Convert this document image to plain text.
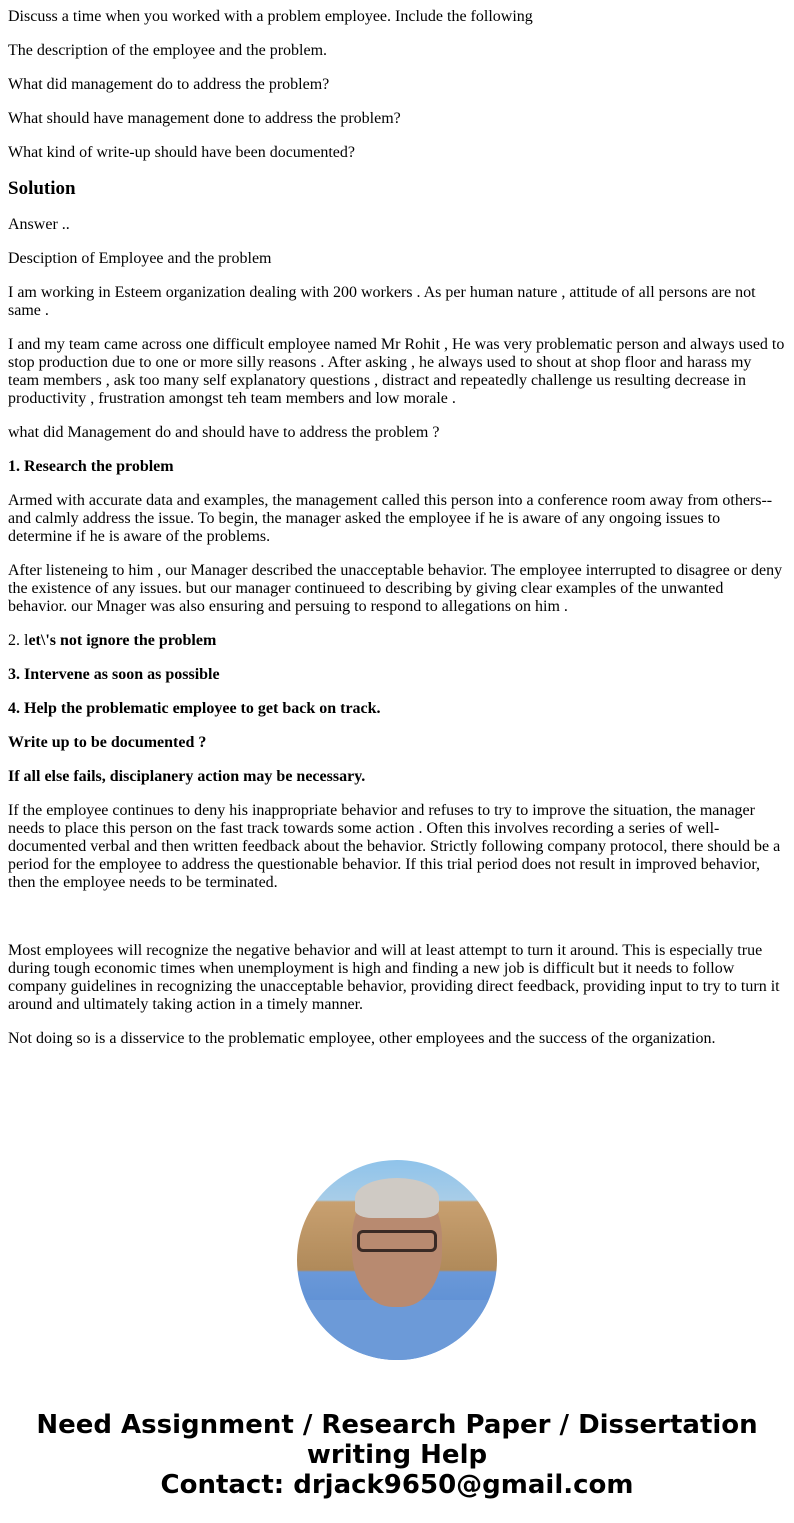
Discuss a time when you worked with a problem employee. Include the following

The description of the employee and the problem.

What did management do to address the problem?

What should have management done to address the problem?

What kind of write-up should have been documented?

Solution

Answer ..

Desciption of Employee and the problem

I am working in Esteem organization dealing with 200 workers . As per human nature , attitude of all persons are not same .

I and my team came across one difficult employee named Mr Rohit , He was very problematic person and always used to stop production due to one or more silly reasons . After asking , he always used to shout at shop floor and harass my team members , ask too many self explanatory questions , distract and repeatedly challenge us resulting decrease in productivity , frustration amongst teh team members and low morale .

what did Management do and should have to address the problem ?

1. Research the problem

Armed with accurate data and examples, the management called this person into a conference room away from others--and calmly address the issue. To begin, the manager asked the employee if he is aware of any ongoing issues to determine if he is aware of the problems.

After listeneing to him , our Manager described the unacceptable behavior. The employee interrupted to disagree or deny the existence of any issues. but our manager continueed to describing by giving clear examples of the unwanted behavior. our Mnager was also ensuring and persuing to respond to allegations on him .

2. let\'s not ignore the problem

3. Intervene as soon as possible

4. Help the problematic employee to get back on track.

Write up to be documented ?

If all else fails, disciplanery action may be necessary.

If the employee continues to deny his inappropriate behavior and refuses to try to improve the situation, the manager needs to place this person on the fast track towards some action . Often this involves recording a series of well-documented verbal and then written feedback about the behavior. Strictly following company protocol, there should be a period for the employee to address the questionable behavior. If this trial period does not result in improved behavior, then the employee needs to be terminated.

Most employees will recognize the negative behavior and will at least attempt to turn it around. This is especially true during tough economic times when unemployment is high and finding a new job is difficult but it needs to follow company guidelines in recognizing the unacceptable behavior, providing direct feedback, providing input to try to turn it around and ultimately taking action in a timely manner.

Not doing so is a disservice to the problematic employee, other employees and the success of the organization.

Need Assignment / Research Paper / Dissertation writing Help
Contact: drjack9650@gmail.com
